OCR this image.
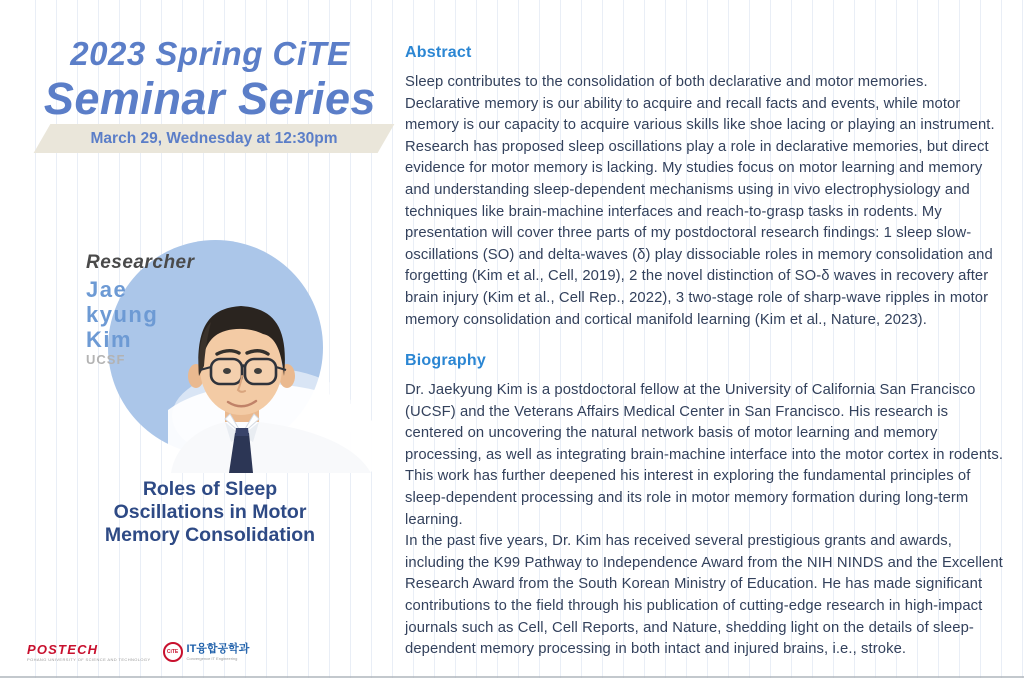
2023 Spring CiTE
Seminar Series
March 29, Wednesday at 12:30pm
Researcher
Jae
kyung
Kim
UCSF
Roles of Sleep
Oscillations in Motor
Memory Consolidation
POSTECH
POHANG UNIVERSITY OF SCIENCE AND TECHNOLOGY
CiTE IT융합공학과
Convergence IT Engineering
Abstract

Sleep contributes to the consolidation of both declarative and motor memories. Declarative memory is our ability to acquire and recall facts and events, while motor memory is our capacity to acquire various skills like shoe lacing or playing an instrument. Research has proposed sleep oscillations play a role in declarative memories, but direct evidence for motor memory is lacking. My studies focus on motor learning and memory and understanding sleep-dependent mechanisms using in vivo electrophysiology and techniques like brain-machine interfaces and reach-to-grasp tasks in rodents. My presentation will cover three parts of my postdoctoral research findings: 1 sleep slow-oscillations (SO) and delta-waves (δ) play dissociable roles in memory consolidation and forgetting (Kim et al., Cell, 2019), 2 the novel distinction of SO-δ waves in recovery after brain injury (Kim et al., Cell Rep., 2022), 3 two-stage role of sharp-wave ripples in motor memory consolidation and cortical manifold learning (Kim et al., Nature, 2023).

Biography

Dr. Jaekyung Kim is a postdoctoral fellow at the University of California San Francisco (UCSF) and the Veterans Affairs Medical Center in San Francisco. His research is centered on uncovering the natural network basis of motor learning and memory processing, as well as integrating brain-machine interface into the motor cortex in rodents. This work has further deepened his interest in exploring the fundamental principles of sleep-dependent processing and its role in motor memory formation during long-term learning.

In the past five years, Dr. Kim has received several prestigious grants and awards, including the K99 Pathway to Independence Award from the NIH NINDS and the Excellent Research Award from the South Korean Ministry of Education. He has made significant contributions to the field through his publication of cutting-edge research in high-impact journals such as Cell, Cell Reports, and Nature, shedding light on the details of sleep-dependent memory processing in both intact and injured brains, i.e., stroke.
